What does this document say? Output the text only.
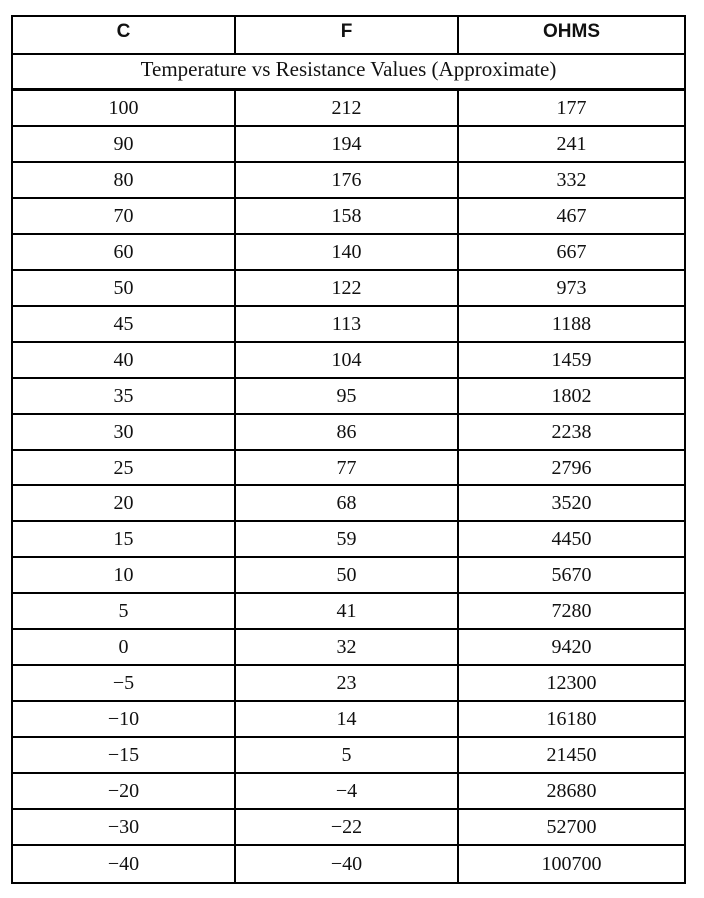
C	F	OHMS
Temperature vs Resistance Values (Approximate)
100	212	177
90	194	241
80	176	332
70	158	467
60	140	667
50	122	973
45	113	1188
40	104	1459
35	95	1802
30	86	2238
25	77	2796
20	68	3520
15	59	4450
10	50	5670
5	41	7280
0	32	9420
−5	23	12300
−10	14	16180
−15	5	21450
−20	−4	28680
−30	−22	52700
−40	−40	100700
